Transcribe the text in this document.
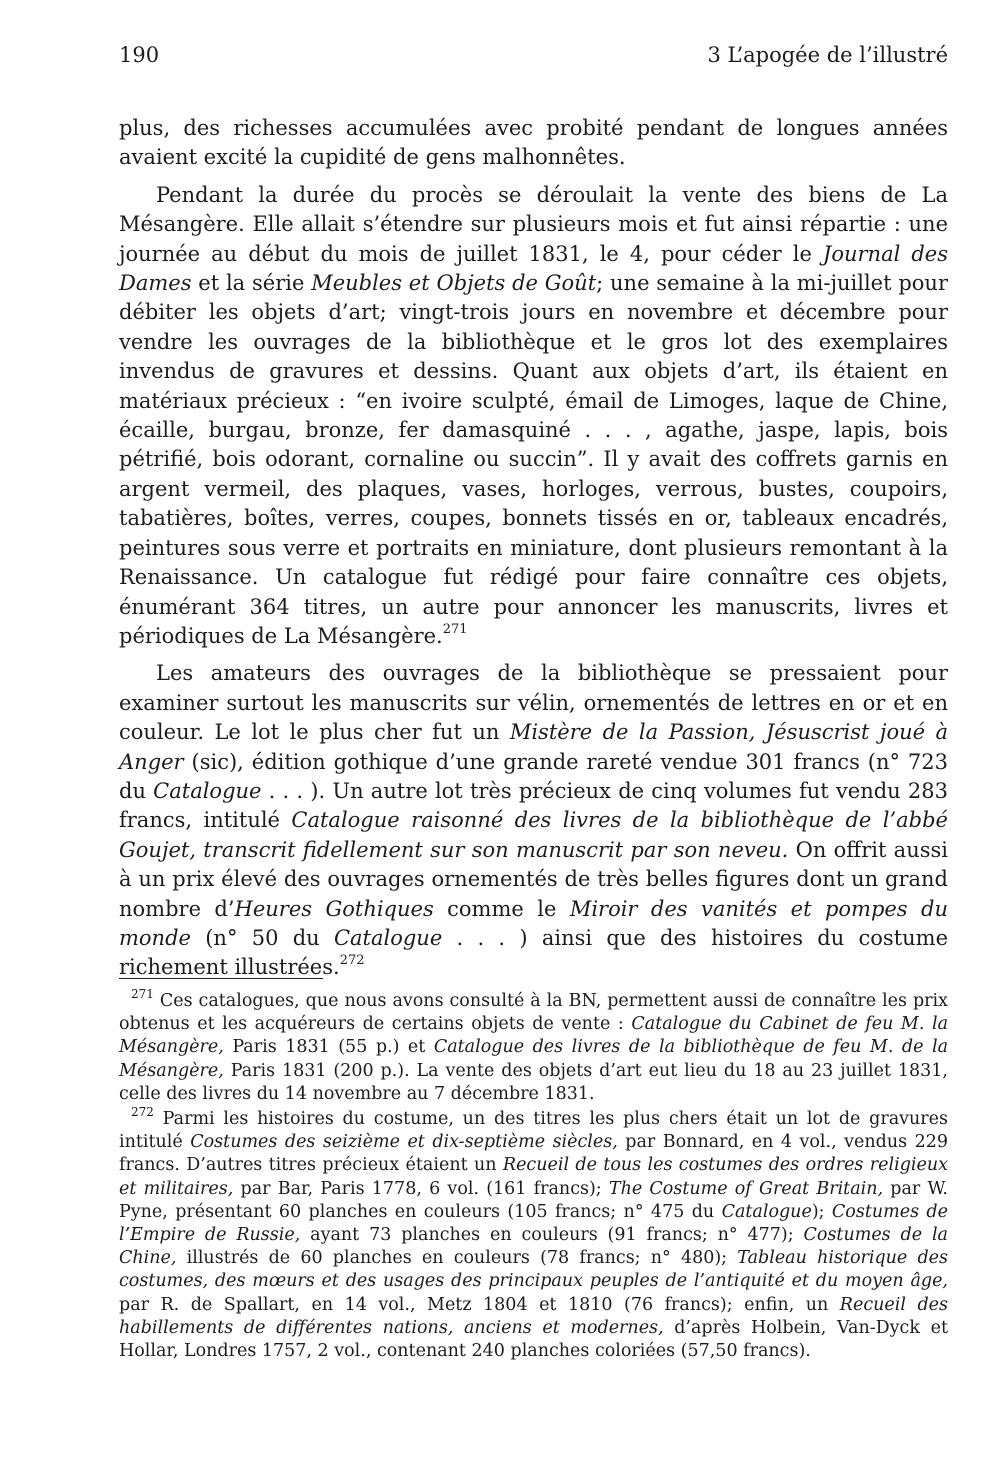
190	3 L’apogée de l’illustré

plus, des richesses accumulées avec probité pendant de longues années avaient excité la cupidité de gens malhonnêtes.

Pendant la durée du procès se déroulait la vente des biens de La Mésangère. Elle allait s’étendre sur plusieurs mois et fut ainsi répartie : une journée au début du mois de juillet 1831, le 4, pour céder le Journal des Dames et la série Meubles et Objets de Goût; une semaine à la mi-juillet pour débiter les objets d’art; vingt-trois jours en novembre et décembre pour vendre les ouvrages de la bibliothèque et le gros lot des exemplaires invendus de gravures et dessins. Quant aux objets d’art, ils étaient en matériaux précieux : “en ivoire sculpté, émail de Limoges, laque de Chine, écaille, burgau, bronze, fer damasquiné . . . , agathe, jaspe, lapis, bois pétrifié, bois odorant, cornaline ou succin”. Il y avait des coffrets garnis en argent vermeil, des plaques, vases, horloges, verrous, bustes, coupoirs, tabatières, boîtes, verres, coupes, bonnets tissés en or, tableaux encadrés, peintures sous verre et portraits en miniature, dont plusieurs remontant à la Renaissance. Un catalogue fut rédigé pour faire connaître ces objets, énumérant 364 titres, un autre pour annoncer les manuscrits, livres et périodiques de La Mésangère.$^{271}$

Les amateurs des ouvrages de la bibliothèque se pressaient pour examiner surtout les manuscrits sur vélin, ornementés de lettres en or et en couleur. Le lot le plus cher fut un Mistère de la Passion, Jésuscrist joué à Anger (sic), édition gothique d’une grande rareté vendue 301 francs (n° 723 du Catalogue . . . ). Un autre lot très précieux de cinq volumes fut vendu 283 francs, intitulé Catalogue raisonné des livres de la bibliothèque de l’abbé Goujet, transcrit fidellement sur son manuscrit par son neveu. On offrit aussi à un prix élevé des ouvrages ornementés de très belles figures dont un grand nombre d’Heures Gothiques comme le Miroir des vanités et pompes du monde (n° 50 du Catalogue . . . ) ainsi que des histoires du costume richement illustrées.$^{272}$

$^{271}$ Ces catalogues, que nous avons consulté à la BN, permettent aussi de connaître les prix obtenus et les acquéreurs de certains objets de vente : Catalogue du Cabinet de feu M. la Mésangère, Paris 1831 (55 p.) et Catalogue des livres de la bibliothèque de feu M. de la Mésangère, Paris 1831 (200 p.). La vente des objets d’art eut lieu du 18 au 23 juillet 1831, celle des livres du 14 novembre au 7 décembre 1831.

$^{272}$ Parmi les histoires du costume, un des titres les plus chers était un lot de gravures intitulé Costumes des seizième et dix-septième siècles, par Bonnard, en 4 vol., vendus 229 francs. D’autres titres précieux étaient un Recueil de tous les costumes des ordres religieux et militaires, par Bar, Paris 1778, 6 vol. (161 francs); The Costume of Great Britain, par W. Pyne, présentant 60 planches en couleurs (105 francs; n° 475 du Catalogue); Costumes de l’Empire de Russie, ayant 73 planches en couleurs (91 francs; n° 477); Costumes de la Chine, illustrés de 60 planches en couleurs (78 francs; n° 480); Tableau historique des costumes, des mœurs et des usages des principaux peuples de l’antiquité et du moyen âge, par R. de Spallart, en 14 vol., Metz 1804 et 1810 (76 francs); enfin, un Recueil des habillements de différentes nations, anciens et modernes, d’après Holbein, Van-Dyck et Hollar, Londres 1757, 2 vol., contenant 240 planches coloriées (57,50 francs).
